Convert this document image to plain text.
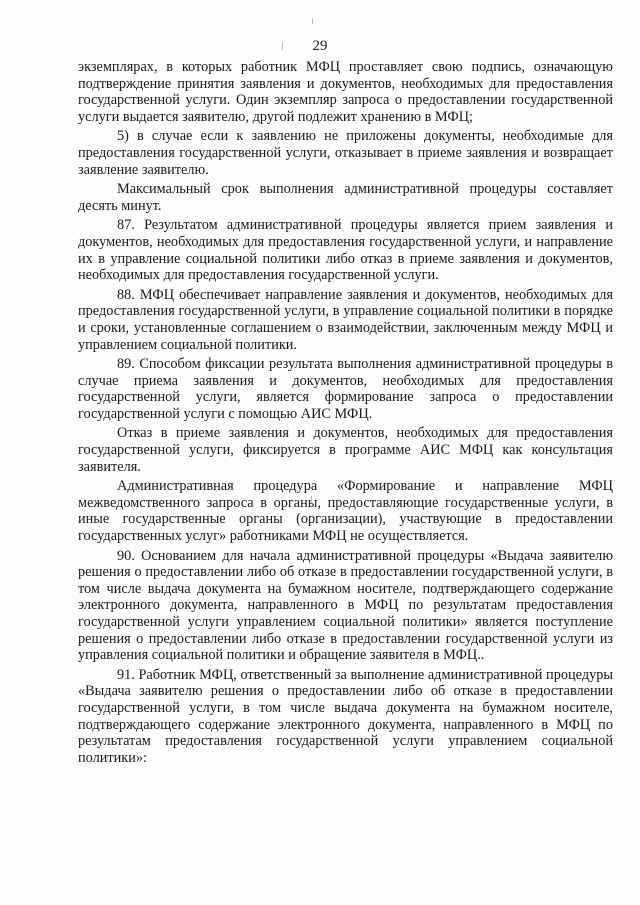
29

экземплярах, в которых работник МФЦ проставляет свою подпись, означающую подтверждение принятия заявления и документов, необходимых для предоставления государственной услуги. Один экземпляр запроса о предоставлении государственной услуги выдается заявителю, другой подлежит хранению в МФЦ;

5) в случае если к заявлению не приложены документы, необходимые для предоставления государственной услуги, отказывает в приеме заявления и возвращает заявление заявителю.

Максимальный срок выполнения административной процедуры составляет десять минут.

87. Результатом административной процедуры является прием заявления и документов, необходимых для предоставления государственной услуги, и направление их в управление социальной политики либо отказ в приеме заявления и документов, необходимых для предоставления государственной услуги.

88. МФЦ обеспечивает направление заявления и документов, необходимых для предоставления государственной услуги, в управление социальной политики в порядке и сроки, установленные соглашением о взаимодействии, заключенным между МФЦ и управлением социальной политики.

89. Способом фиксации результата выполнения административной процедуры в случае приема заявления и документов, необходимых для предоставления государственной услуги, является формирование запроса о предоставлении государственной услуги с помощью АИС МФЦ.

Отказ в приеме заявления и документов, необходимых для предоставления государственной услуги, фиксируется в программе АИС МФЦ как консультация заявителя.

Административная процедура «Формирование и направление МФЦ межведомственного запроса в органы, предоставляющие государственные услуги, в иные государственные органы (организации), участвующие в предоставлении государственных услуг» работниками МФЦ не осуществляется.

90. Основанием для начала административной процедуры «Выдача заявителю решения о предоставлении либо об отказе в предоставлении государственной услуги, в том числе выдача документа на бумажном носителе, подтверждающего содержание электронного документа, направленного в МФЦ по результатам предоставления государственной услуги управлением социальной политики» является поступление решения о предоставлении либо отказе в предоставлении государственной услуги из управления социальной политики и обращение заявителя в МФЦ..

91. Работник МФЦ, ответственный за выполнение административной процедуры «Выдача заявителю решения о предоставлении либо об отказе в предоставлении государственной услуги, в том числе выдача документа на бумажном носителе, подтверждающего содержание электронного документа, направленного в МФЦ по результатам предоставления государственной услуги управлением социальной политики»:
